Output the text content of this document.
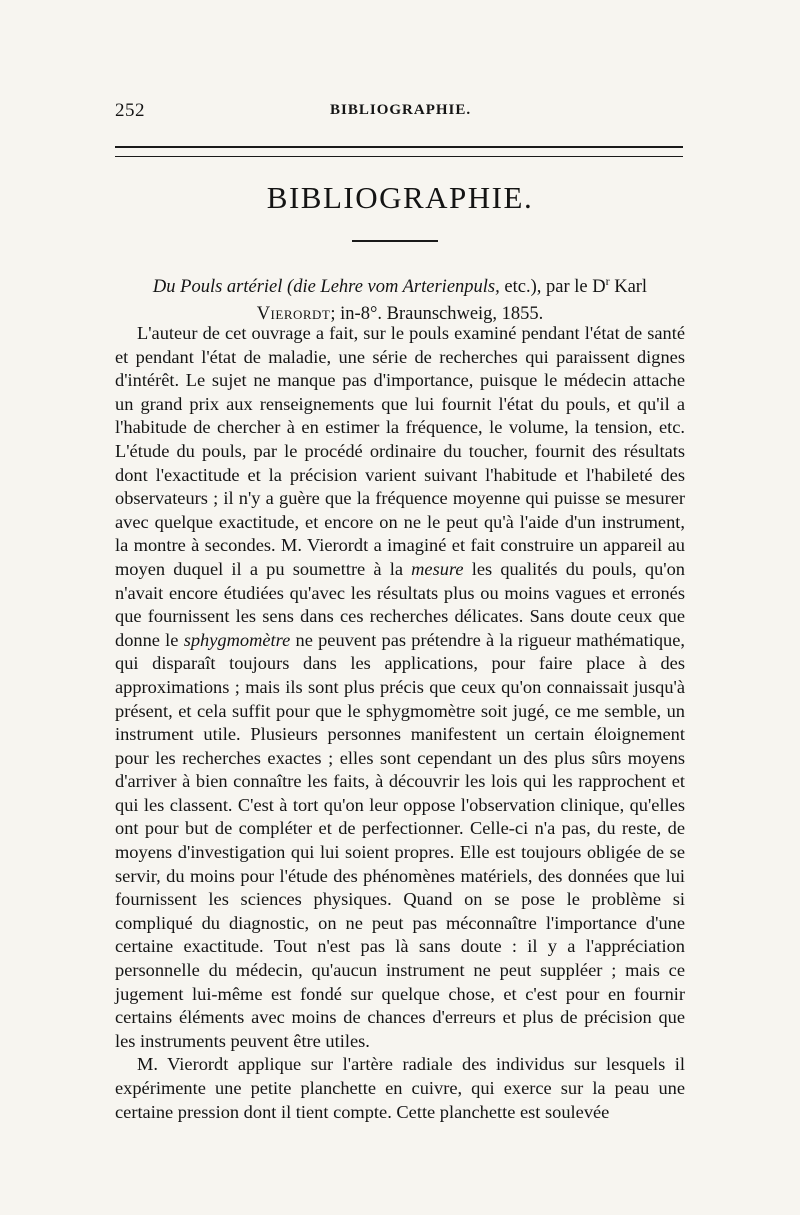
252	BIBLIOGRAPHIE.
BIBLIOGRAPHIE.
Du Pouls artériel (die Lehre vom Arterienpuls, etc.), par le $D^r$ Karl
Vierordt; in-8°. Braunschweig, 1855.

L'auteur de cet ouvrage a fait, sur le pouls examiné pendant l'état de santé et pendant l'état de maladie, une série de recherches qui paraissent dignes d'intérêt. Le sujet ne manque pas d'importance, puisque le médecin attache un grand prix aux renseignements que lui fournit l'état du pouls, et qu'il a l'habitude de chercher à en estimer la fréquence, le volume, la tension, etc. L'étude du pouls, par le procédé ordinaire du toucher, fournit des résultats dont l'exactitude et la précision varient suivant l'habitude et l'habileté des observateurs ; il n'y a guère que la fréquence moyenne qui puisse se mesurer avec quelque exactitude, et encore on ne le peut qu'à l'aide d'un instrument, la montre à secondes. M. Vierordt a imaginé et fait construire un appareil au moyen duquel il a pu soumettre à la mesure les qualités du pouls, qu'on n'avait encore étudiées qu'avec les résultats plus ou moins vagues et erronés que fournissent les sens dans ces recherches délicates. Sans doute ceux que donne le sphygmomètre ne peuvent pas prétendre à la rigueur mathématique, qui disparaît toujours dans les applications, pour faire place à des approximations ; mais ils sont plus précis que ceux qu'on connaissait jusqu'à présent, et cela suffit pour que le sphygmomètre soit jugé, ce me semble, un instrument utile. Plusieurs personnes manifestent un certain éloignement pour les recherches exactes ; elles sont cependant un des plus sûrs moyens d'arriver à bien connaître les faits, à découvrir les lois qui les rapprochent et qui les classent. C'est à tort qu'on leur oppose l'observation clinique, qu'elles ont pour but de compléter et de perfectionner. Celle-ci n'a pas, du reste, de moyens d'investigation qui lui soient propres. Elle est toujours obligée de se servir, du moins pour l'étude des phénomènes matériels, des données que lui fournissent les sciences physiques. Quand on se pose le problème si compliqué du diagnostic, on ne peut pas méconnaître l'importance d'une certaine exactitude. Tout n'est pas là sans doute : il y a l'appréciation personnelle du médecin, qu'aucun instrument ne peut suppléer ; mais ce jugement lui-même est fondé sur quelque chose, et c'est pour en fournir certains éléments avec moins de chances d'erreurs et plus de précision que les instruments peuvent être utiles.

M. Vierordt applique sur l'artère radiale des individus sur lesquels il expérimente une petite planchette en cuivre, qui exerce sur la peau une certaine pression dont il tient compte. Cette planchette est soulevée
